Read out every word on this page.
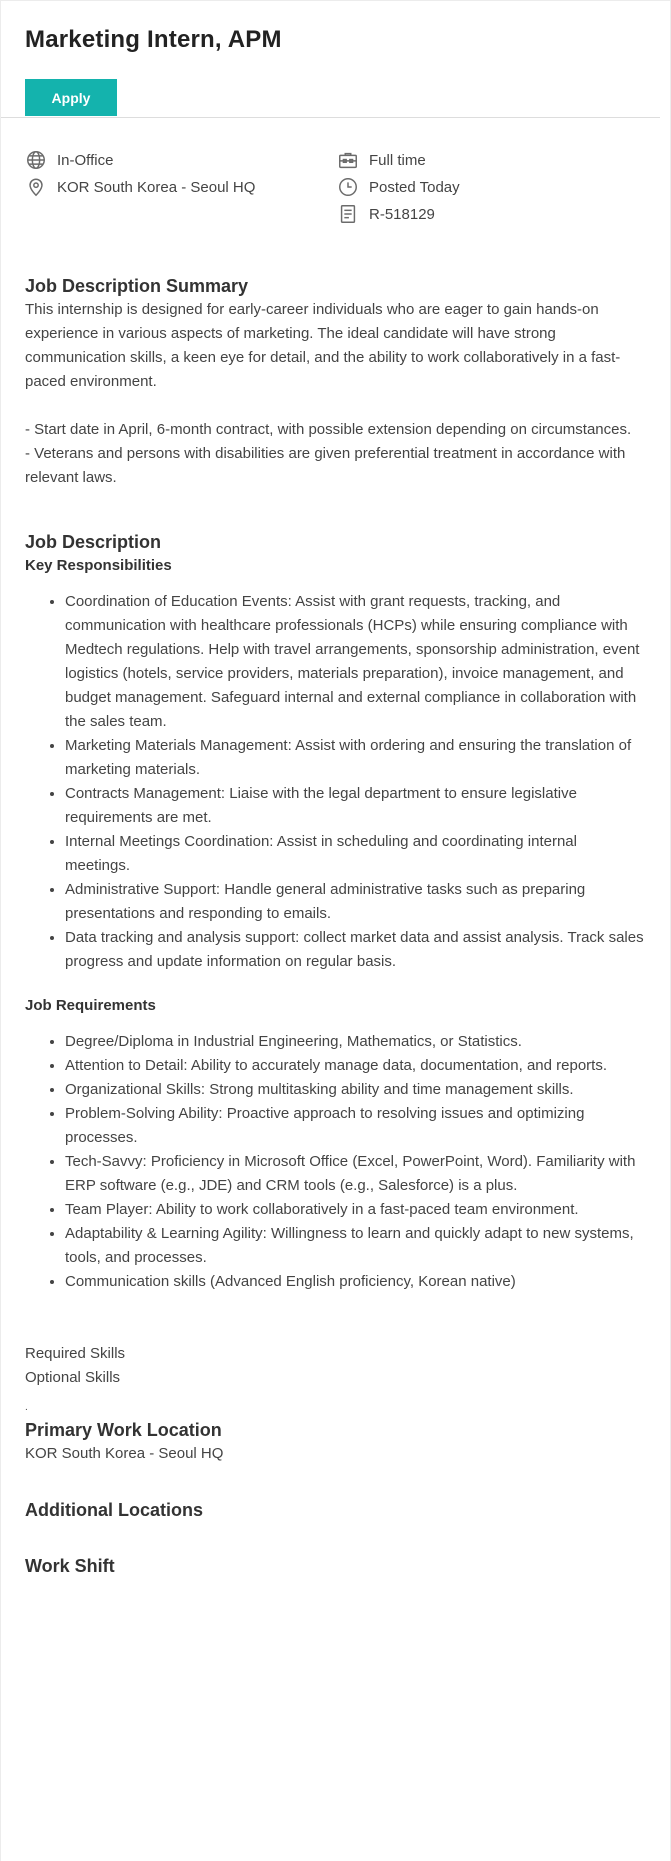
Marketing Intern, APM
Apply
In-Office
KOR South Korea - Seoul HQ
Full time
Posted Today
R-518129
Job Description Summary

This internship is designed for early-career individuals who are eager to gain hands-on experience in various aspects of marketing. The ideal candidate will have strong communication skills, a keen eye for detail, and the ability to work collaboratively in a fast-paced environment.

- Start date in April, 6-month contract, with possible extension depending on circumstances.

- Veterans and persons with disabilities are given preferential treatment in accordance with relevant laws.

Job Description
Key Responsibilities
• Coordination of Education Events: Assist with grant requests, tracking, and communication with healthcare professionals (HCPs) while ensuring compliance with Medtech regulations. Help with travel arrangements, sponsorship administration, event logistics (hotels, service providers, materials preparation), invoice management, and budget management. Safeguard internal and external compliance in collaboration with the sales team.
• Marketing Materials Management: Assist with ordering and ensuring the translation of marketing materials.
• Contracts Management: Liaise with the legal department to ensure legislative requirements are met.
• Internal Meetings Coordination: Assist in scheduling and coordinating internal meetings.
• Administrative Support: Handle general administrative tasks such as preparing presentations and responding to emails.
• Data tracking and analysis support: collect market data and assist analysis. Track sales progress and update information on regular basis.
Job Requirements
• Degree/Diploma in Industrial Engineering, Mathematics, or Statistics.
• Attention to Detail: Ability to accurately manage data, documentation, and reports.
• Organizational Skills: Strong multitasking ability and time management skills.
• Problem-Solving Ability: Proactive approach to resolving issues and optimizing processes.
• Tech-Savvy: Proficiency in Microsoft Office (Excel, PowerPoint, Word). Familiarity with ERP software (e.g., JDE) and CRM tools (e.g., Salesforce) is a plus.
• Team Player: Ability to work collaboratively in a fast-paced team environment.
• Adaptability & Learning Agility: Willingness to learn and quickly adapt to new systems, tools, and processes.
• Communication skills (Advanced English proficiency, Korean native)

Required Skills

Optional Skills

.

Primary Work Location

KOR South Korea - Seoul HQ

Additional Locations
Work Shift
